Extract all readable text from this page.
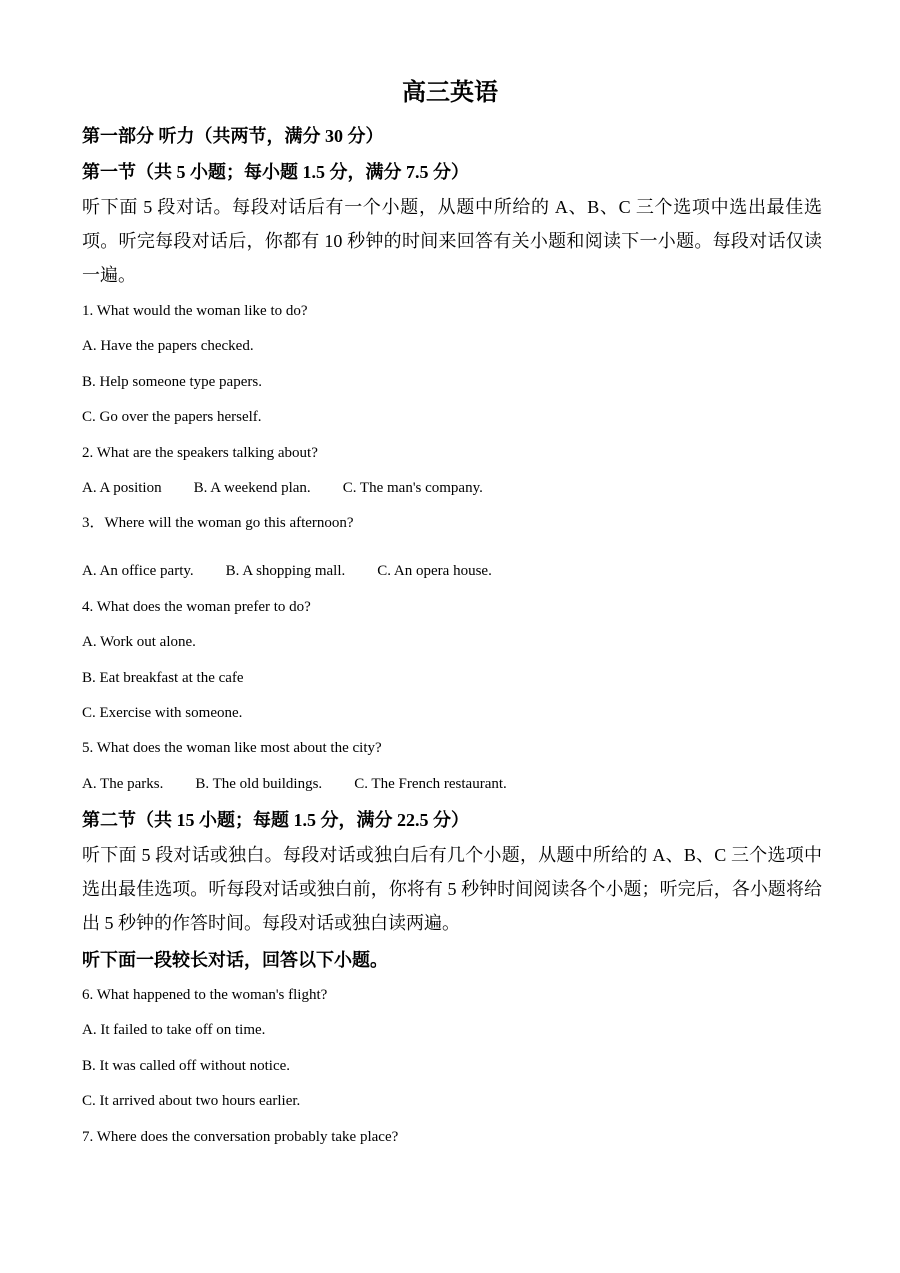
高三英语
第一部分 听力（共两节，满分 30 分）
第一节（共 5 小题；每小题 1.5 分，满分 7.5 分）
听下面 5 段对话。每段对话后有一个小题，从题中所给的 A、B、C 三个选项中选出最佳选项。听完每段对话后，你都有 10 秒钟的时间来回答有关小题和阅读下一小题。每段对话仅读一遍。
1. What would the woman like to do?
A. Have the papers checked.
B. Help someone type papers.
C. Go over the papers herself.
2. What are the speakers talking about?
A. A position B. A weekend plan. C. The man's company.
3．Where will the woman go this afternoon?
A. An office party. B. A shopping mall. C. An opera house.
4. What does the woman prefer to do?
A. Work out alone.
B. Eat breakfast at the cafe
C. Exercise with someone.
5. What does the woman like most about the city?
A. The parks. B. The old buildings. C. The French restaurant.
第二节（共 15 小题；每题 1.5 分，满分 22.5 分）
听下面 5 段对话或独白。每段对话或独白后有几个小题，从题中所给的 A、B、C 三个选项中选出最佳选项。听每段对话或独白前，你将有 5 秒钟时间阅读各个小题；听完后，各小题将给出 5 秒钟的作答时间。每段对话或独白读两遍。
听下面一段较长对话，回答以下小题。
6. What happened to the woman's flight?
A. It failed to take off on time.
B. It was called off without notice.
C. It arrived about two hours earlier.
7. Where does the conversation probably take place?
